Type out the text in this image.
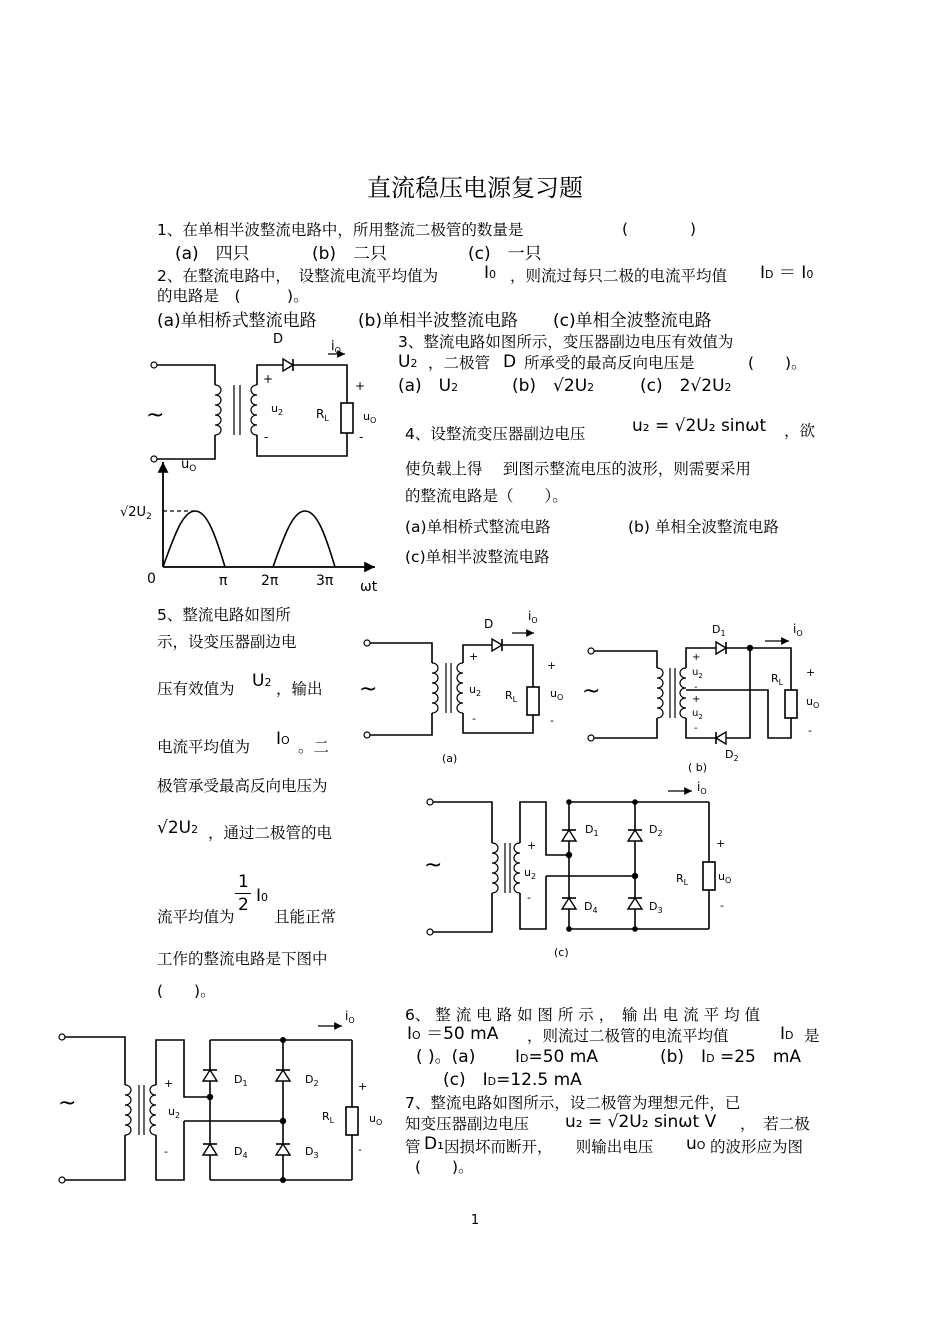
直流稳压电源复习题
1、在单相半波整流电路中，所用整流二极管的数量是	(　　　　)
(a)　四只	(b)　二只	(c)　一只
2、在整流电路中，　设整流电流平均值为	I0 ，则流过每只二极的电流平均值 ID ＝ I0
的电路是　(　　　)。
(a)单相桥式整流电路 (b)单相半波整流电路 (c)单相全波整流电路
3、整流电路如图所示，变压器副边电压有效值为
U2 ，二极管 D 所承受的最高反向电压是	(　　)。
(a)　U2	(b)　√2U2	(c)　2√2U2
4、设整流变压器副边电压	u₂ = √2U₂ sinωt ，欲
使负载上得　 到图示整流电压的波形，则需要采用
的整流电路是（　　）。
(a)单相桥式整流电路	(b) 单相全波整流电路
(c)单相半波整流电路
5、整流电路如图所
示，设变压器副边电
压有效值为 U2 ，输出
电流平均值为 IO 。二
极管承受最高反向电压为
√2U2 ，通过二极管的电
1
2 I0
流平均值为	且能正常
工作的整流电路是下图中
(　　)。
6、 整 流 电 路 如 图 所 示 ，　输 出 电 流 平 均 值
IO ＝50 mA ，则流过二极管的电流平均值	ID 是
( )。(a) ID=50 mA	(b)　ID =25　mA
(c)　ID=12.5 mA
7、整流电路如图所示，设二极管为理想元件，已
知变压器副边电压 u₂ = √2U₂ sinωt V ，　若二极
管 D₁ 因损坏而断开，　　则输出电压 uO 的波形应为图
(　　)。
1
~
D	$i_O$
+
$u_2$
-
$R_L$
+
$u_O$
-
$u_O$
$√2U_2$
0	π 2π	3π ωt
~
D
$i_O$
+
$u_2$
-
$R_L$
+
$u_O$
-
(a)
~
$D_1$
$D_2$
$i_O$
+
$u_2$
-
+
$u_2$
-
$R_L$
+
$u_O$
-
( b)
~
$i_O$
$D_1$	$D_2$
$D_4$	$D_3$
+
$u_2$
-
$R_L$
+
$u_O$
-
(c)
~
$i_O$
$D_1$	$D_2$
$D_4$	$D_3$
+
$u_2$
-
$R_L$
+
$u_O$
-
